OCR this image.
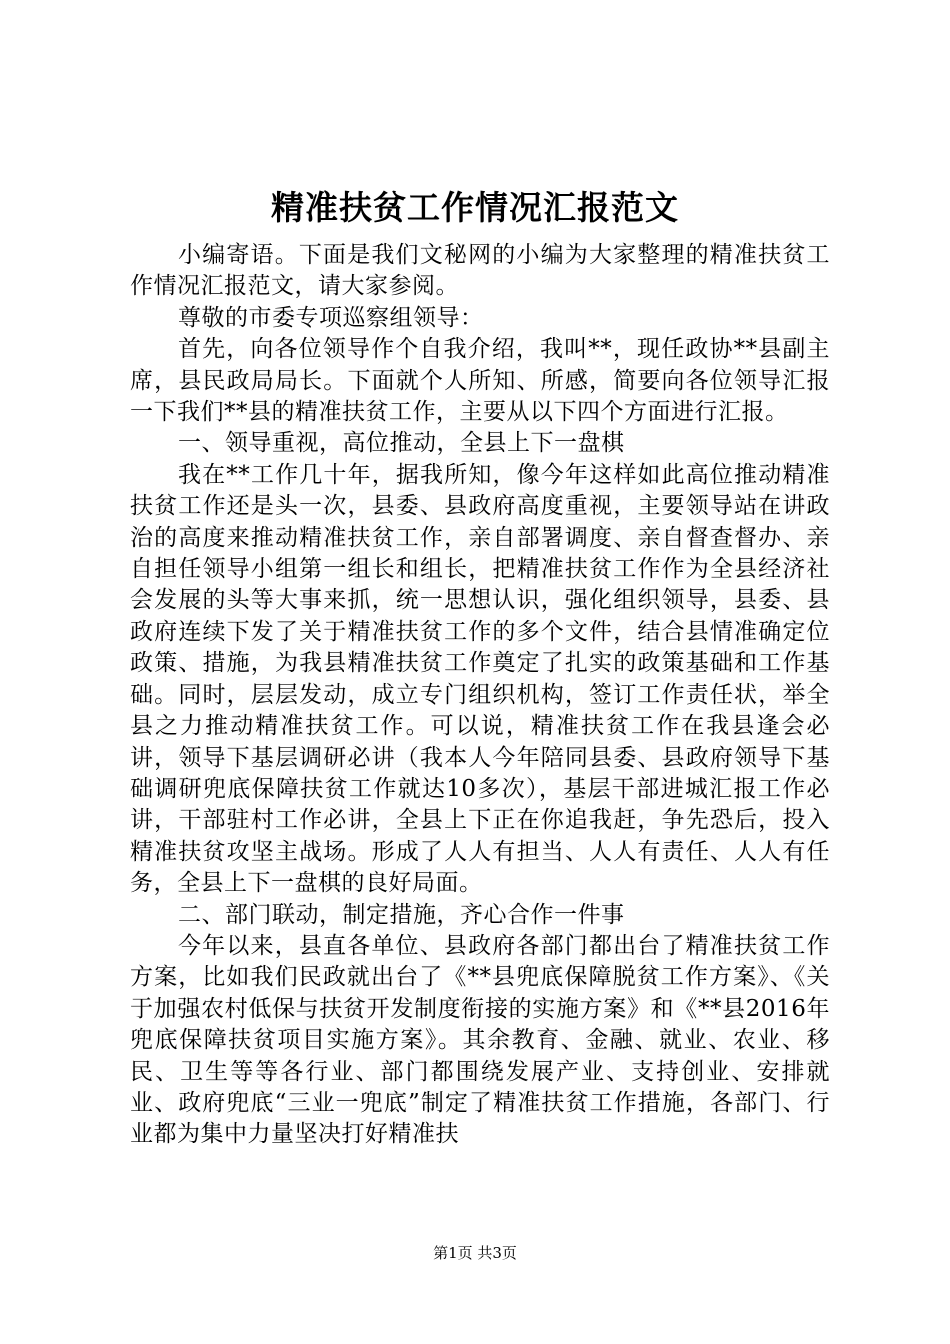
精准扶贫工作情况汇报范文

小编寄语。下面是我们文秘网的小编为大家整理的精准扶贫工作情况汇报范文，请大家参阅。

尊敬的市委专项巡察组领导：

首先，向各位领导作个自我介绍，我叫**，现任政协**县副主席，县民政局局长。下面就个人所知、所感，简要向各位领导汇报一下我们**县的精准扶贫工作，主要从以下四个方面进行汇报。

一、领导重视，高位推动，全县上下一盘棋

我在**工作几十年，据我所知，像今年这样如此高位推动精准扶贫工作还是头一次，县委、县政府高度重视，主要领导站在讲政治的高度来推动精准扶贫工作，亲自部署调度、亲自督查督办、亲自担任领导小组第一组长和组长，把精准扶贫工作作为全县经济社会发展的头等大事来抓，统一思想认识，强化组织领导，县委、县政府连续下发了关于精准扶贫工作的多个文件，结合县情准确定位政策、措施，为我县精准扶贫工作奠定了扎实的政策基础和工作基础。同时，层层发动，成立专门组织机构，签订工作责任状，举全县之力推动精准扶贫工作。可以说，精准扶贫工作在我县逢会必讲，领导下基层调研必讲（我本人今年陪同县委、县政府领导下基础调研兜底保障扶贫工作就达10多次），基层干部进城汇报工作必讲，干部驻村工作必讲，全县上下正在你追我赶，争先恐后，投入精准扶贫攻坚主战场。形成了人人有担当、人人有责任、人人有任务，全县上下一盘棋的良好局面。

二、部门联动，制定措施，齐心合作一件事

今年以来，县直各单位、县政府各部门都出台了精准扶贫工作方案，比如我们民政就出台了《**县兜底保障脱贫工作方案》、《关于加强农村低保与扶贫开发制度衔接的实施方案》和《**县2016年兜底保障扶贫项目实施方案》。其余教育、金融、就业、农业、移民、卫生等等各行业、部门都围绕发展产业、支持创业、安排就业、政府兜底“三业一兜底”制定了精准扶贫工作措施，各部门、行业都为集中力量坚决打好精准扶

第1页 共3页
